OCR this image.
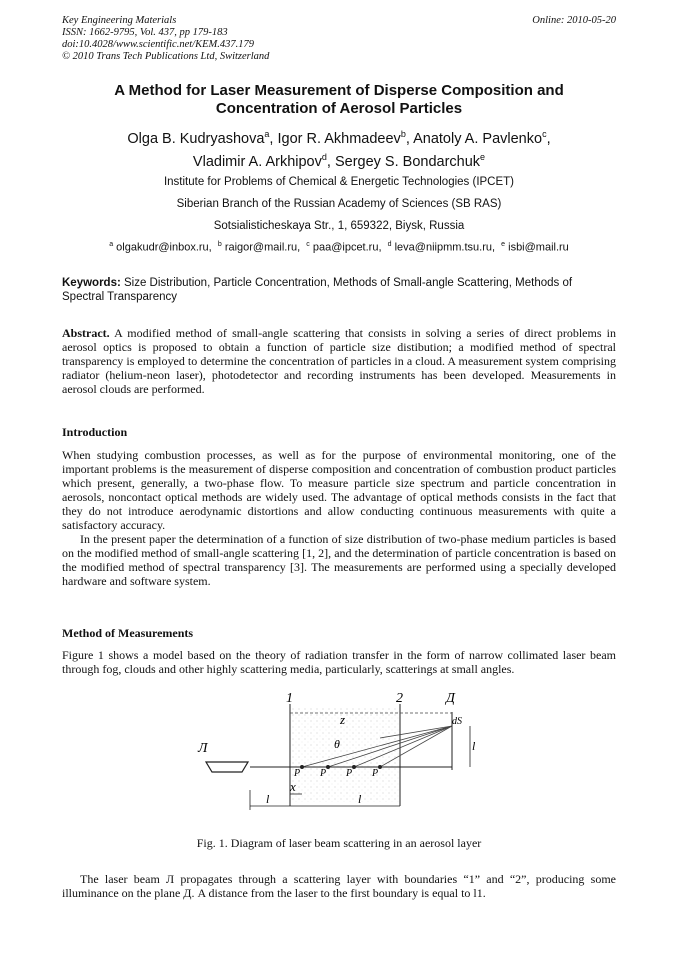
Key Engineering Materials
ISSN: 1662-9795, Vol. 437, pp 179-183
doi:10.4028/www.scientific.net/KEM.437.179
© 2010 Trans Tech Publications Ltd, Switzerland
Online: 2010-05-20
A Method for Laser Measurement of Disperse Composition and
Concentration of Aerosol Particles
Olga B. Kudryashova$^a$, Igor R. Akhmadeev$^b$, Anatoly A. Pavlenko$^c$,
Vladimir A. Arkhipov$^d$, Sergey S. Bondarchuk$^e$
Institute for Problems of Chemical & Energetic Technologies (IPCET)
Siberian Branch of the Russian Academy of Sciences (SB RAS)
Sotsialisticheskaya Str., 1, 659322, Biysk, Russia
$^a$ olgakudr@inbox.ru, $^b$ raigor@mail.ru, $^c$ paa@ipcet.ru, $^d$ leva@niipmm.tsu.ru, $^e$ isbi@mail.ru
Keywords: Size Distribution, Particle Concentration, Methods of Small-angle Scattering, Methods of Spectral Transparency
Abstract. A modified method of small-angle scattering that consists in solving a series of direct problems in aerosol optics is proposed to obtain a function of particle size distibution; a modified method of spectral transparency is employed to determine the concentration of particles in a cloud. A measurement system comprising radiator (helium-neon laser), photodetector and recording instruments has been developed. Measurements in aerosol clouds are performed.
Introduction
When studying combustion processes, as well as for the purpose of environmental monitoring, one of the important problems is the measurement of disperse composition and concentration of combustion product particles which present, generally, a two-phase flow. To measure particle size spectrum and particle concentration in aerosols, noncontact optical methods are widely used. The advantage of optical methods consists in the fact that they do not introduce aerodynamic distortions and allow conducting continuous measurements with quite a satisfactory accuracy.
In the present paper the determination of a function of size distribution of two-phase medium particles is based on the modified method of small-angle scattering [1, 2], and the determination of particle concentration is based on the modified method of spectral transparency [3]. The measurements are performed using a specially developed hardware and software system.
Method of Measurements
Figure 1 shows a model based on the theory of radiation transfer in the form of narrow collimated laser beam through fog, clouds and other highly scattering media, particularly, scatterings at small angles.
1	2	Д
Л
z
θ
dS
l
x
l	l
P P P P
Fig. 1. Diagram of laser beam scattering in an aerosol layer
The laser beam Л propagates through a scattering layer with boundaries “1” and “2”, producing some illuminance on the plane Д. A distance from the laser to the first boundary is equal to l1.
